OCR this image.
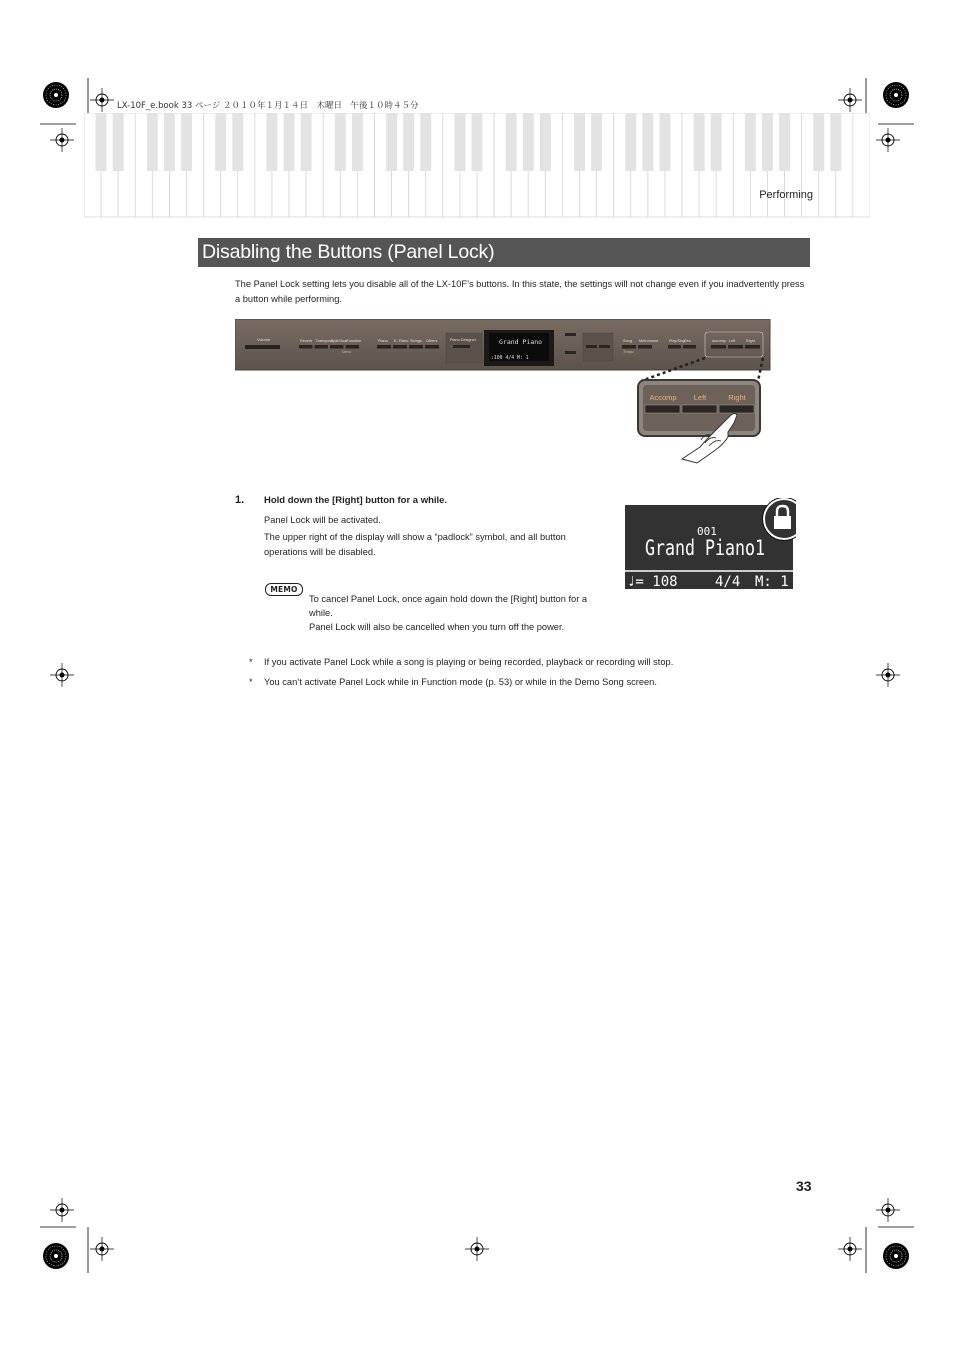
LX-10F_e.book 33 ページ ２０１０年１月１４日　木曜日　午後１０時４５分
Performing
Disabling the Buttons (Panel Lock)
The Panel Lock setting lets you disable all of the LX-10F’s buttons. In this state, the settings will not change even if you inadvertently press a button while performing.
Volume	Reverb Transpose
Split/Dual Function
Demo
Piano E. Piano Strings Others	Piano Designer	Grand Piano
♩100 4/4 M: 1
Song Metronome
Tempo
Play/Stop
Rec	Accomp Left	Right
Accomp Left	Right
1. Hold down the [Right] button for a while.
Panel Lock will be activated.
The upper right of the display will show a “padlock” symbol, and all button operations will be disabled.
001
Grand Piano1
♩= 108	4/4 M: 1
MEMO
To cancel Panel Lock, once again hold down the [Right] button for a while.
Panel Lock will also be cancelled when you turn off the power.
* If you activate Panel Lock while a song is playing or being recorded, playback or recording will stop.
* You can’t activate Panel Lock while in Function mode (p. 53) or while in the Demo Song screen.
33
